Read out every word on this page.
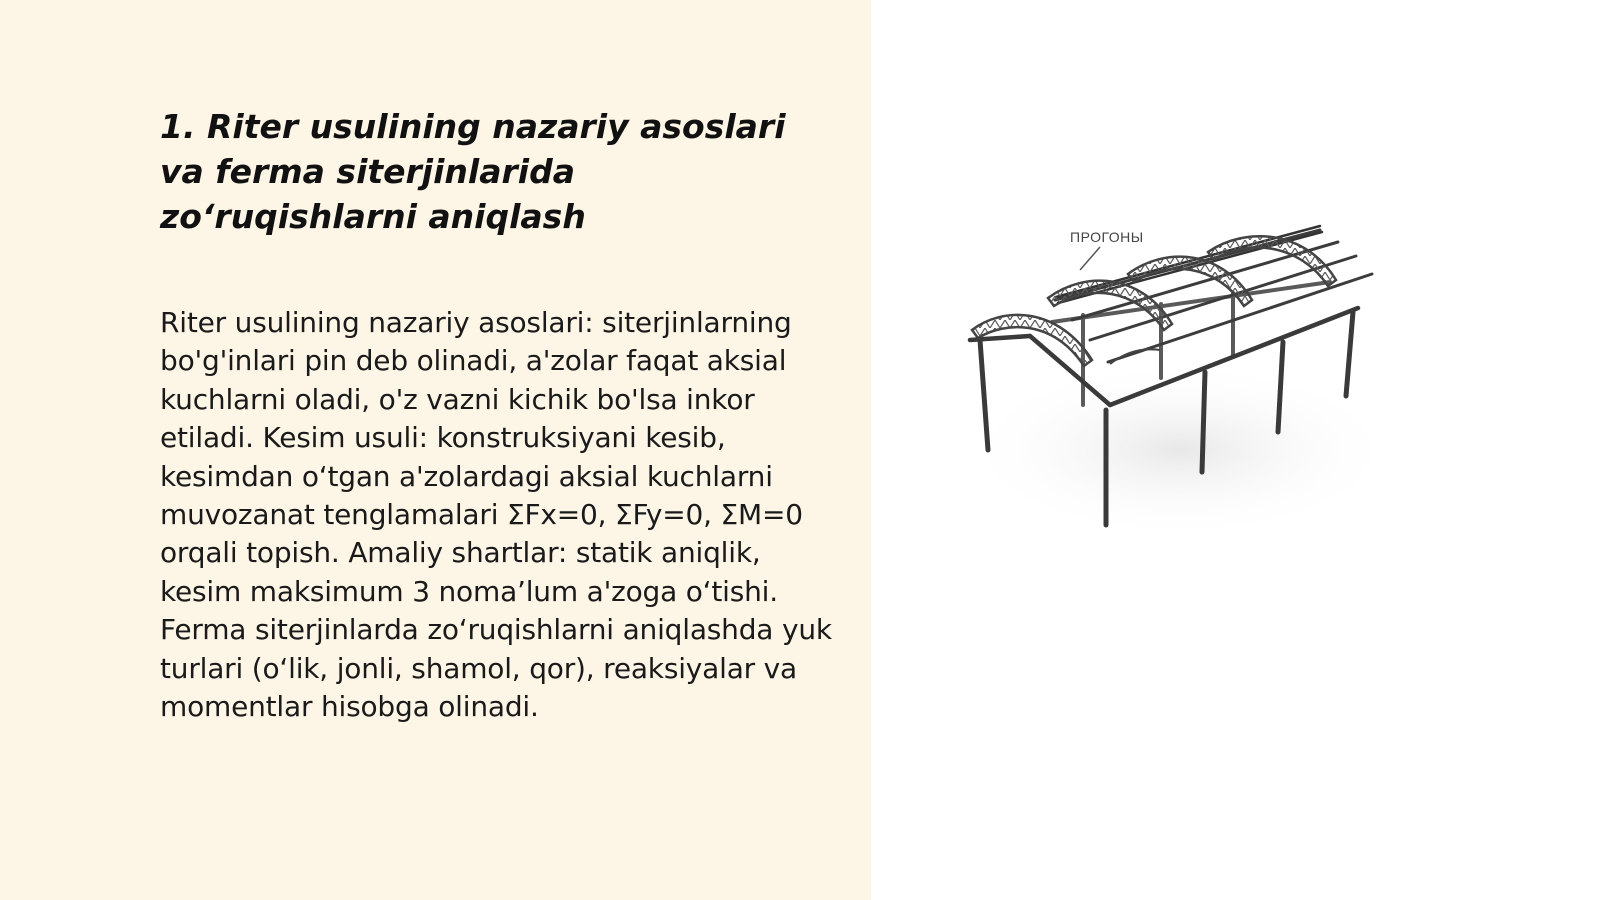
1. Riter usulining nazariy asoslari va ferma siterjinlarida zo‘ruqishlarni aniqlash

Riter usulining nazariy asoslari: siterjinlarning bo'g'inlari pin deb olinadi, a'zolar faqat aksial kuchlarni oladi, o'z vazni kichik bo'lsa inkor etiladi. Kesim usuli: konstruksiyani kesib, kesimdan o‘tgan a'zolardagi aksial kuchlarni muvozanat tenglamalari ΣFx=0, ΣFy=0, ΣM=0 orqali topish. Amaliy shartlar: statik aniqlik, kesim maksimum 3 noma’lum a'zoga o‘tishi. Ferma siterjinlarda zo‘ruqishlarni aniqlashda yuk turlari (o‘lik, jonli, shamol, qor), reaksiyalar va momentlar hisobga olinadi.

ПРОГОНЫ
